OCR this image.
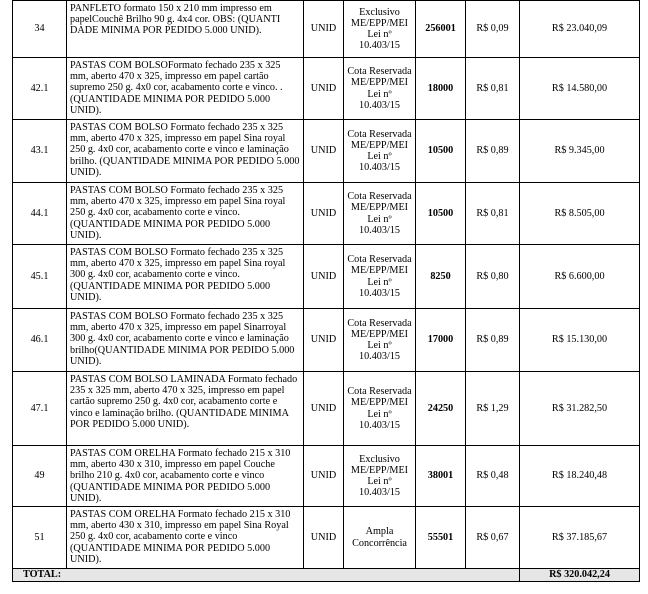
34	PANFLETO formato 150 x 210 mm impresso em papelCouchê Brilho 90 g. 4x4 cor. OBS: (QUANTI DADE MINIMA POR PEDIDO 5.000 UNID).	UNID	Exclusivo ME/EPP/MEI Lei nº 10.403/15	256001	R$ 0,09	R$ 23.040,09
42.1	PASTAS COM BOLSOFormato fechado 235 x 325 mm, aberto 470 x 325, impresso em papel cartão supremo 250 g. 4x0 cor, acabamento corte e vinco. . (QUANTIDADE MINIMA POR PEDIDO 5.000 UNID).	UNID	Cota Reservada ME/EPP/MEI Lei nº 10.403/15	18000	R$ 0,81	R$ 14.580,00
43.1	PASTAS COM BOLSO Formato fechado 235 x 325 mm, aberto 470 x 325, impresso em papel Sina royal 250 g. 4x0 cor, acabamento corte e vinco e laminação brilho. (QUANTIDADE MINIMA POR PEDIDO 5.000 UNID).	UNID	Cota Reservada ME/EPP/MEI Lei nº 10.403/15	10500	R$ 0,89	R$ 9.345,00
44.1	PASTAS COM BOLSO Formato fechado 235 x 325 mm, aberto 470 x 325, impresso em papel Sina royal 250 g. 4x0 cor, acabamento corte e vinco. (QUANTIDADE MINIMA POR PEDIDO 5.000 UNID).	UNID	Cota Reservada ME/EPP/MEI Lei nº 10.403/15	10500	R$ 0,81	R$ 8.505,00
45.1	PASTAS COM BOLSO Formato fechado 235 x 325 mm, aberto 470 x 325, impresso em papel Sina royal 300 g. 4x0 cor, acabamento corte e vinco. (QUANTIDADE MINIMA POR PEDIDO 5.000 UNID).	UNID	Cota Reservada ME/EPP/MEI Lei nº 10.403/15	8250	R$ 0,80	R$ 6.600,00
46.1	PASTAS COM BOLSO Formato fechado 235 x 325 mm, aberto 470 x 325, impresso em papel Sinarroyal 300 g. 4x0 cor, acabamento corte e vinco e laminação brilho(QUANTIDADE MINIMA POR PEDIDO 5.000 UNID).	UNID	Cota Reservada ME/EPP/MEI Lei nº 10.403/15	17000	R$ 0,89	R$ 15.130,00
47.1	PASTAS COM BOLSO LAMINADA Formato fechado 235 x 325 mm, aberto 470 x 325, impresso em papel cartão supremo 250 g. 4x0 cor, acabamento corte e vinco e laminação brilho. (QUANTIDADE MINIMA POR PEDIDO 5.000 UNID).	UNID	Cota Reservada ME/EPP/MEI Lei nº 10.403/15	24250	R$ 1,29	R$ 31.282,50
49	PASTAS COM ORELHA Formato fechado 215 x 310 mm, aberto 430 x 310, impresso em papel Couche brilho 210 g. 4x0 cor, acabamento corte e vinco (QUANTIDADE MINIMA POR PEDIDO 5.000 UNID).	UNID	Exclusivo ME/EPP/MEI Lei nº 10.403/15	38001	R$ 0,48	R$ 18.240,48
51	PASTAS COM ORELHA Formato fechado 215 x 310 mm, aberto 430 x 310, impresso em papel Sina Royal 250 g. 4x0 cor, acabamento corte e vinco (QUANTIDADE MINIMA POR PEDIDO 5.000 UNID).	UNID	Ampla Concorrência	55501	R$ 0,67	R$ 37.185,67
TOTAL:						R$ 320.042,24
